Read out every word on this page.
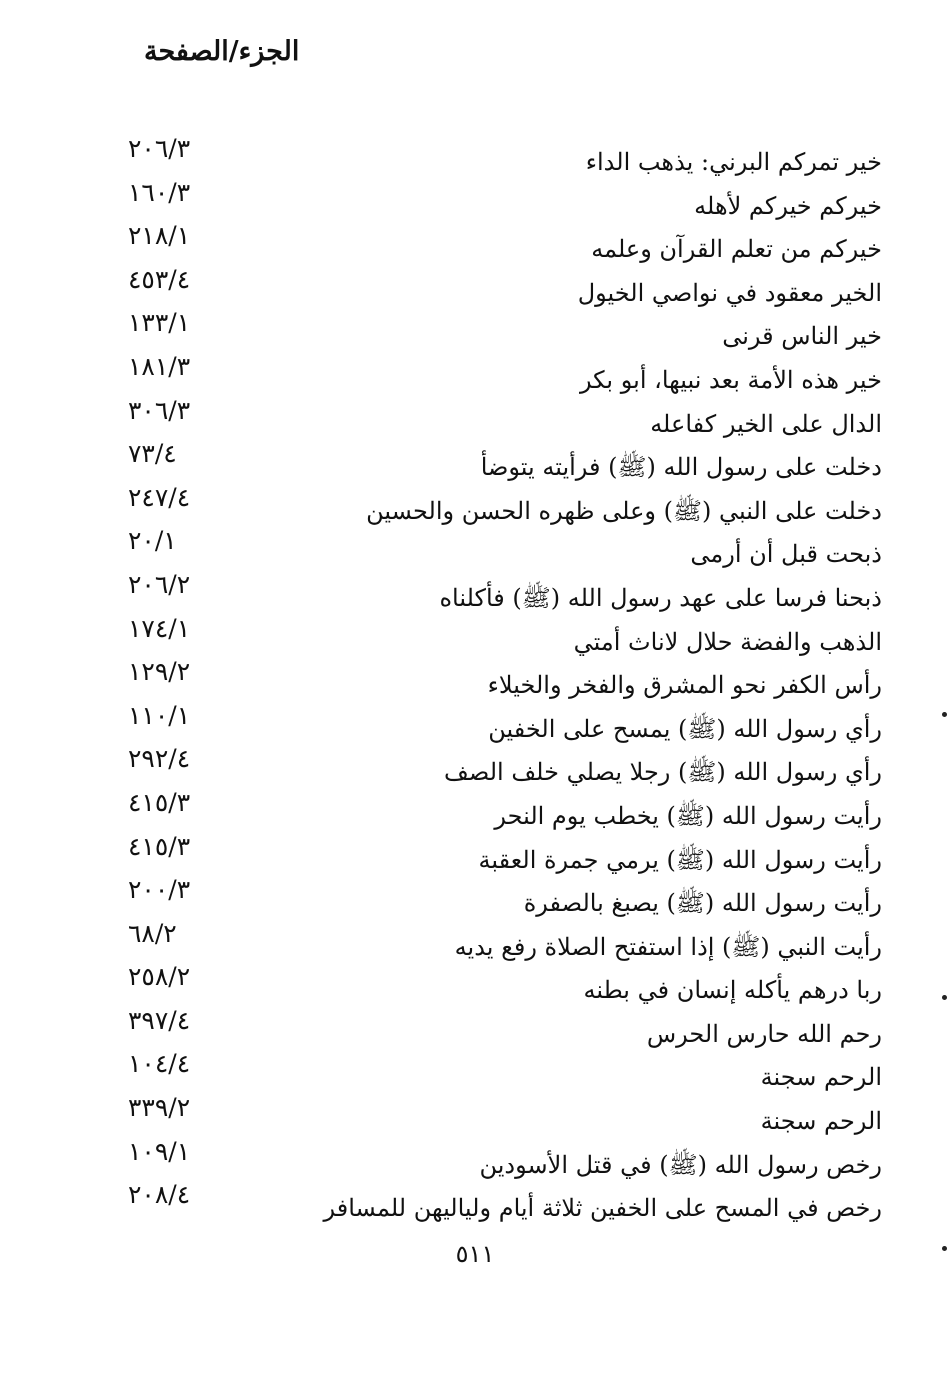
الجزء/الصفحة
خير تمركم البرني: يذهب الداء
٢٠٦/٣
خيركم خيركم لأهله
١٦٠/٣
خيركم من تعلم القرآن وعلمه
٢١٨/١
الخير معقود في نواصي الخيول
٤٥٣/٤
خير الناس قرنى
١٣٣/١
خير هذه الأمة بعد نبيها، أبو بكر
١٨١/٣
الدال على الخير كفاعله
٣٠٦/٣
دخلت على رسول الله (ﷺ) فرأيته يتوضأ
٧٣/٤
دخلت على النبي (ﷺ) وعلى ظهره الحسن والحسين
٢٤٧/٤
ذبحت قبل أن أرمى
٢٠/١
ذبحنا فرسا على عهد رسول الله (ﷺ) فأكلناه
٢٠٦/٢
الذهب والفضة حلال لاناث أمتي
١٧٤/١
رأس الكفر نحو المشرق والفخر والخيلاء
١٢٩/٢
رأي رسول الله (ﷺ) يمسح على الخفين
١١٠/١
رأي رسول الله (ﷺ) رجلا يصلي خلف الصف
٢٩٢/٤
رأيت رسول الله (ﷺ) يخطب يوم النحر
٤١٥/٣
رأيت رسول الله (ﷺ) يرمي جمرة العقبة
٤١٥/٣
رأيت رسول الله (ﷺ) يصبغ بالصفرة
٢٠٠/٣
رأيت النبي (ﷺ) إذا استفتح الصلاة رفع يديه
٦٨/٢
ربا درهم يأكله إنسان في بطنه
٢٥٨/٢
رحم الله حارس الحرس
٣٩٧/٤
الرحم سجنة
١٠٤/٤
الرحم سجنة
٣٣٩/٢
رخص رسول الله (ﷺ) في قتل الأسودين
١٠٩/١
رخص في المسح على الخفين ثلاثة أيام ولياليهن للمسافر
٢٠٨/٤
٥١١
